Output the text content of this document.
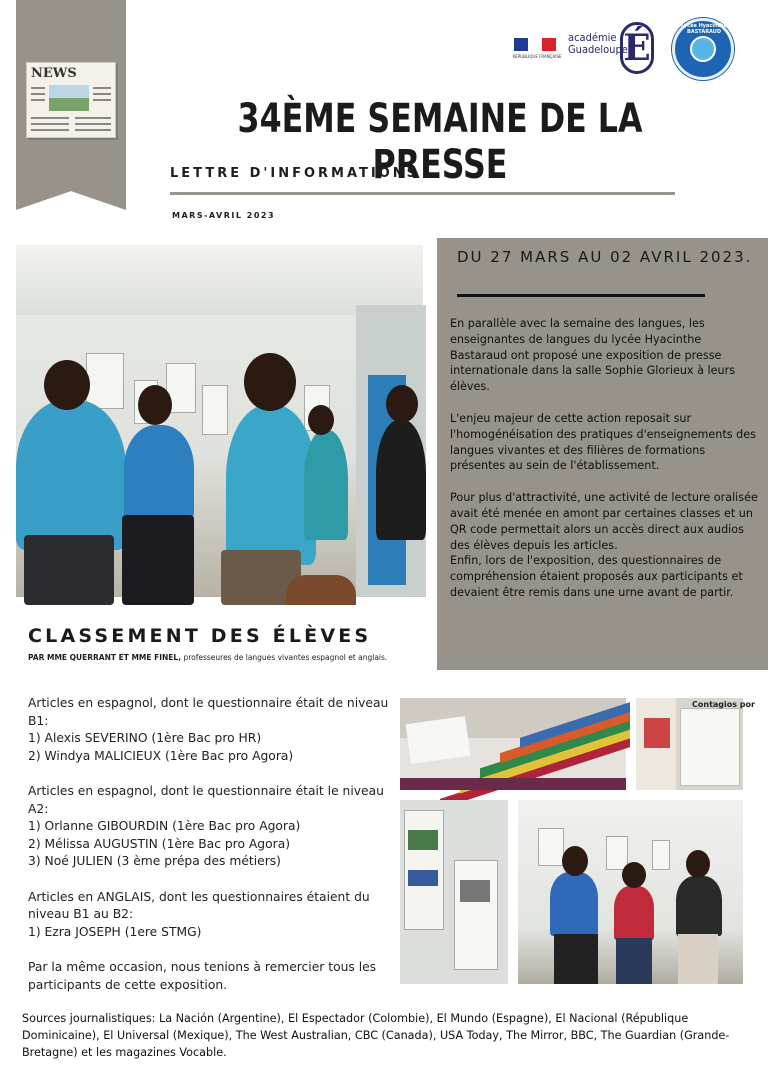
NEWS
RÉPUBLIQUE FRANÇAISE
académie
Guadeloupe
É
Lycée Hyacinthe BASTARAUD
34ÈME SEMAINE DE LA PRESSE
LETTRE D'INFORMATIONS
MARS-AVRIL 2023
DU 27 MARS AU 02 AVRIL 2023.

En parallèle avec la semaine des langues, les enseignantes de langues du lycée Hyacinthe Bastaraud ont proposé une exposition de presse internationale dans la salle Sophie Glorieux à leurs élèves.

L'enjeu majeur de cette action reposait sur l'homogénéisation des pratiques d'enseignements des langues vivantes et des filières de formations présentes au sein de l'établissement.

Pour plus d'attractivité, une activité de lecture oralisée avait été menée en amont par certaines classes et un QR code permettait alors un accès direct aux audios des élèves depuis les articles.

Enfin, lors de l'exposition, des questionnaires de compréhension étaient proposés aux participants et devaient être remis dans une urne avant de partir.

CLASSEMENT DES ÉLÈVES
PAR MME QUERRANT ET MME FINEL, professeures de langues vivantes espagnol et anglais.
Articles en espagnol, dont le questionnaire était de niveau B1:
1) Alexis SEVERINO (1ère Bac pro HR)
2) Windya MALICIEUX (1ère Bac pro Agora)
Articles en espagnol, dont le questionnaire était le niveau A2:
1) Orlanne GIBOURDIN (1ère Bac pro Agora)
2) Mélissa AUGUSTIN (1ère Bac pro Agora)
3) Noé JULIEN (3 ème prépa des métiers)
Articles en ANGLAIS, dont les questionnaires étaient du niveau B1 au B2:
1) Ezra JOSEPH (1ere STMG)
Par la même occasion, nous tenions à remercier tous les participants de cette exposition.
Contagios por
Sources journalistiques: La Nación (Argentine), El Espectador (Colombie), El Mundo (Espagne), El Nacional (République Dominicaine), El Universal (Mexique), The West Australian, CBC (Canada), USA Today, The Mirror, BBC, The Guardian (Grande-Bretagne) et les magazines Vocable.
